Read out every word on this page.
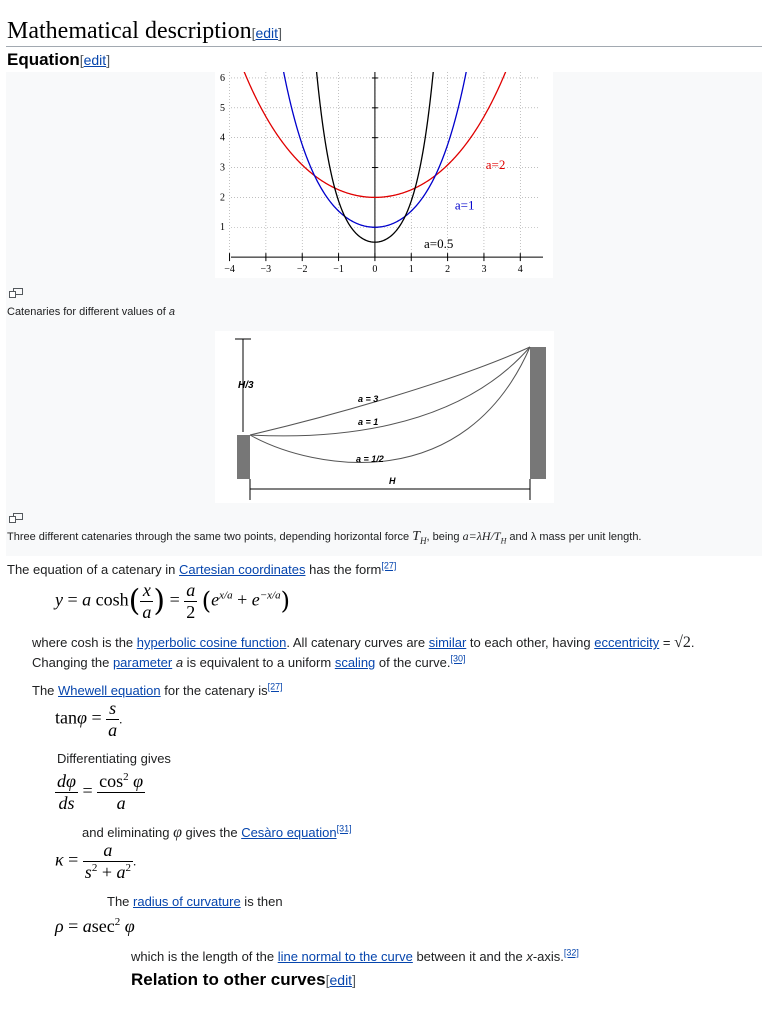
Mathematical description[edit]
Equation[edit]
−4	−3	−2	−1	0	1	2	3	4
1
2
3
4
5
6
a=2
a=1
a=0.5
Catenaries for different values of a
H/3
a = 3
a = 1
a = 1/2
H
Three different catenaries through the same two points, depending horizontal force $T_H$, being $a=\lambda H/T_H$ and λ mass per unit length.
The equation of a catenary in Cartesian coordinates has the form[27]
y = a $\cosh( \frac{x}{a}$ ) = $\frac{a}{2} (e^{x/a} + e^{-x/a})$
where cosh is the hyperbolic cosine function. All catenary curves are similar to each other, having eccentricity = √2.
Changing the parameter a is equivalent to a uniform scaling of the curve.[30]
The Whewell equation for the catenary is[27]
$\tan\varphi = \frac{s}{a}$ .
Differentiating gives
$\frac{d\varphi}{ds} = \frac{\cos^2 \varphi}{a}$
and eliminating φ gives the Cesàro equation[31]
$\kappa = \frac{a}{s^2 + a^2}$ .
The radius of curvature is then
ρ = asec$^2$ φ
which is the length of the line normal to the curve between it and the x-axis.[32]
Relation to other curves[edit]
